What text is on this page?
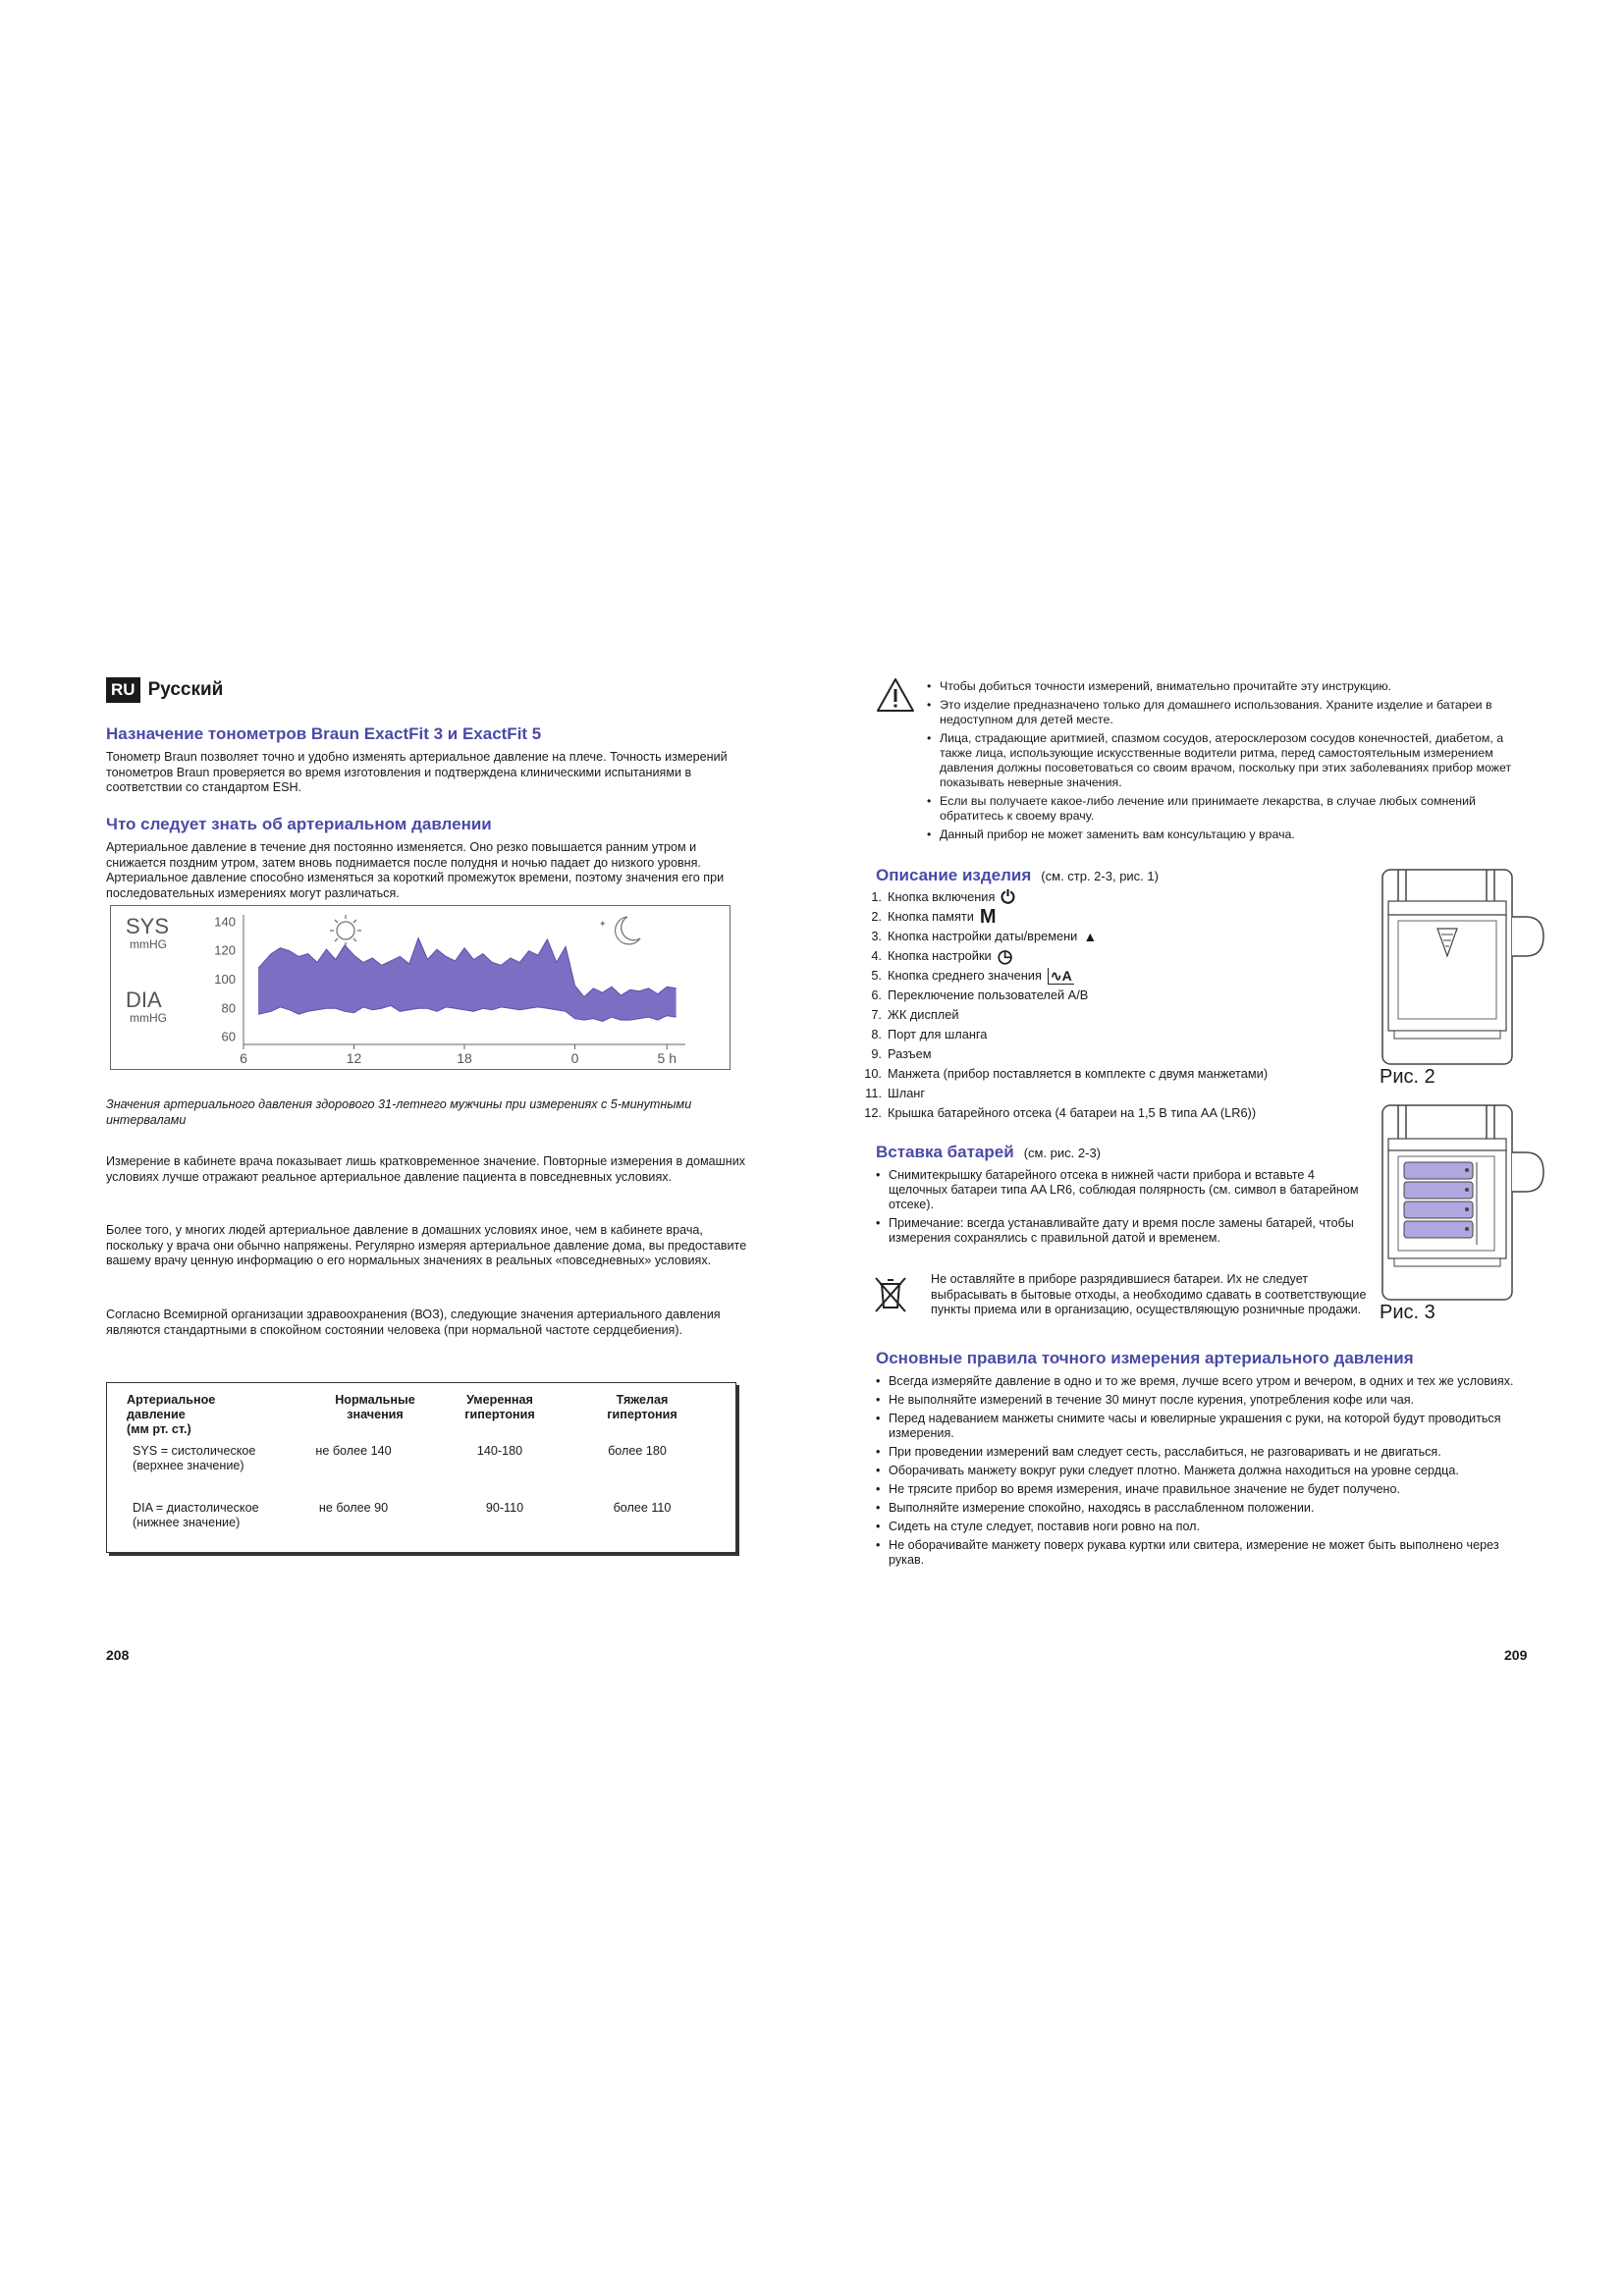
RU Русский
Назначение тонометров Braun ExactFit 3 и ExactFit 5

Тонометр Braun позволяет точно и удобно изменять артериальное давление на плече. Точность измерений тонометров Braun проверяется во время изготовления и подтверждена клиническими испытаниями в соответствии со стандартом ESH.

Что следует знать об артериальном давлении

Артериальное давление в течение дня постоянно изменяется. Оно резко повышается ранним утром и снижается поздним утром, затем вновь поднимается после полудня и ночью падает до низкого уровня. Артериальное давление способно изменяться за короткий промежуток времени, поэтому значения его при последовательных измерениях могут различаться.

SYS
mmHG
DIA
mmHG
140
120
100
80
60
6	12	18	0	5 h
✦

Значения артериального давления здорового 31-летнего мужчины при измерениях с 5-минутными интервалами

Измерение в кабинете врача показывает лишь кратковременное значение. Повторные измерения в домашних условиях лучше отражают реальное артериальное давление пациента в повседневных условиях.

Более того, у многих людей артериальное давление в домашних условиях иное, чем в кабинете врача, поскольку у врача они обычно напряжены. Регулярно измеряя артериальное давление дома, вы предоставите вашему врачу ценную информацию о его нормальных значениях в реальных «повседневных» условиях.

Согласно Всемирной организации здравоохранения (ВОЗ), следующие значения артериального давления являются стандартными в спокойном состоянии человека (при нормальной частоте сердцебиения).

Артериальное давление
(мм рт. ст.)
Нормальные значения
Умеренная гипертония
Тяжелая гипертония
SYS = систолическое (верхнее значение)
не более 140	140-180	более 180
DIA = диастолическое (нижнее значение)
не более 90	90-110	более 110
208
• Чтобы добиться точности измерений, внимательно прочитайте эту инструкцию.
• Это изделие предназначено только для домашнего использования. Храните изделие и батареи в недоступном для детей месте.
• Лица, страдающие аритмией, спазмом сосудов, атеросклерозом сосудов конечностей, диабетом, а также лица, использующие искусственные водители ритма, перед самостоятельным измерением давления должны посоветоваться со своим врачом, поскольку при этих заболеваниях прибор может показывать неверные значения.
• Если вы получаете какое-либо лечение или принимаете лекарства, в случае любых сомнений обратитесь к своему врачу.
• Данный прибор не может заменить вам консультацию у врача.
Описание изделия (см. стр. 2-3, рис. 1)
1. Кнопка включения ⏻
2. Кнопка памяти M
3. Кнопка настройки даты/времени ▲
4. Кнопка настройки ◷
5. Кнопка среднего значения ∿A
6. Переключение пользователей A/B
7. ЖК дисплей
8. Порт для шланга
9. Разъем
10. Манжета (прибор поставляется в комплекте с двумя манжетами)
11. Шланг
12. Крышка батарейного отсека (4 батареи на 1,5 В типа AA (LR6))
Рис. 2
Рис. 3
Вставка батарей (см. рис. 2-3)
• Снимитекрышку батарейного отсека в нижней части прибора и вставьте 4 щелочных батареи типа AA LR6, соблюдая полярность (см. символ в батарейном отсеке).
• Примечание: всегда устанавливайте дату и время после замены батарей, чтобы измерения сохранялись с правильной датой и временем.

Не оставляйте в приборе разрядившиеся батареи. Их не следует выбрасывать в бытовые отходы, а необходимо сдавать в соответствующие пункты приема или в организацию, осуществляющую розничные продажи.

Основные правила точного измерения артериального давления
• Всегда измеряйте давление в одно и то же время, лучше всего утром и вечером, в одних и тех же условиях.
• Не выполняйте измерений в течение 30 минут после курения, употребления кофе или чая.
• Перед надеванием манжеты снимите часы и ювелирные украшения с руки, на которой будут проводиться измерения.
• При проведении измерений вам следует сесть, расслабиться, не разговаривать и не двигаться.
• Оборачивать манжету вокруг руки следует плотно. Манжета должна находиться на уровне сердца.
• Не трясите прибор во время измерения, иначе правильное значение не будет получено.
• Выполняйте измерение спокойно, находясь в расслабленном положении.
• Сидеть на стуле следует, поставив ноги ровно на пол.
• Не оборачивайте манжету поверх рукава куртки или свитера, измерение не может быть выполнено через рукав.
209
